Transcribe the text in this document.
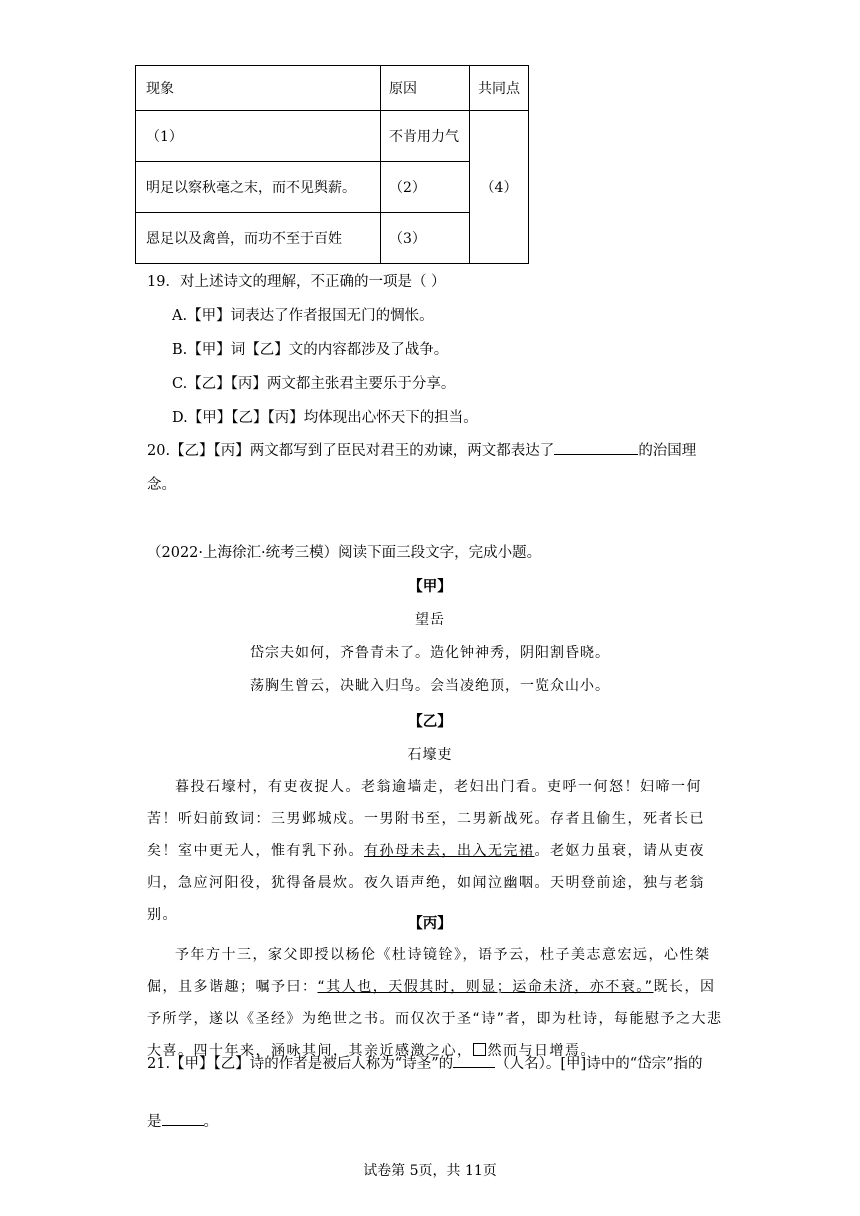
现象	原因	共同点
（1）	不肯用力气	（4）
明足以察秋毫之末，而不见舆薪。	（2）	
恩足以及禽兽，而功不至于百姓	（3）	
19．对上述诗文的理解，不正确的一项是（ ）
A.【甲】词表达了作者报国无门的惆怅。
B.【甲】词【乙】文的内容都涉及了战争。
C.【乙】【丙】两文都主张君主要乐于分享。
D.【甲】【乙】【丙】均体现出心怀天下的担当。
20.【乙】【丙】两文都写到了臣民对君王的劝谏，两文都表达了	的治国理
念。
（2022·上海徐汇·统考三模）阅读下面三段文字，完成小题。
【甲】
望岳
岱宗夫如何，齐鲁青未了。造化钟神秀，阴阳割昏晓。
荡胸生曾云，决眦入归鸟。会当凌绝顶，一览众山小。
【乙】
石壕吏
暮投石壕村，有吏夜捉人。老翁逾墙走，老妇出门看。吏呼一何怒！妇啼一何苦！听妇前致词：三男邺城戍。一男附书至，二男新战死。存者且偷生，死者长已矣！室中更无人，惟有乳下孙。有孙母未去，出入无完裙。老妪力虽衰，请从吏夜归，急应河阳役，犹得备晨炊。夜久语声绝，如闻泣幽咽。天明登前途，独与老翁别。	【丙】
予年方十三，家父即授以杨伦《杜诗镜铨》，语予云，杜子美志意宏远，心性桀倔，且多谐趣；嘱予曰：“其人也，天假其时，则显；运命未济，亦不衰。”既长，因予所学，遂以《圣经》为绝世之书。而仅次于圣“诗”者，即为杜诗，每能慰予之大悲大喜。四十年来，涵咏其间，其亲近感激之心， 然而与日增焉。
21.【甲】【乙】诗的作者是被后人称为“诗圣”的	（人名）。[甲]诗中的“岱宗”指的
是	。
试卷第 5页，共 11页
